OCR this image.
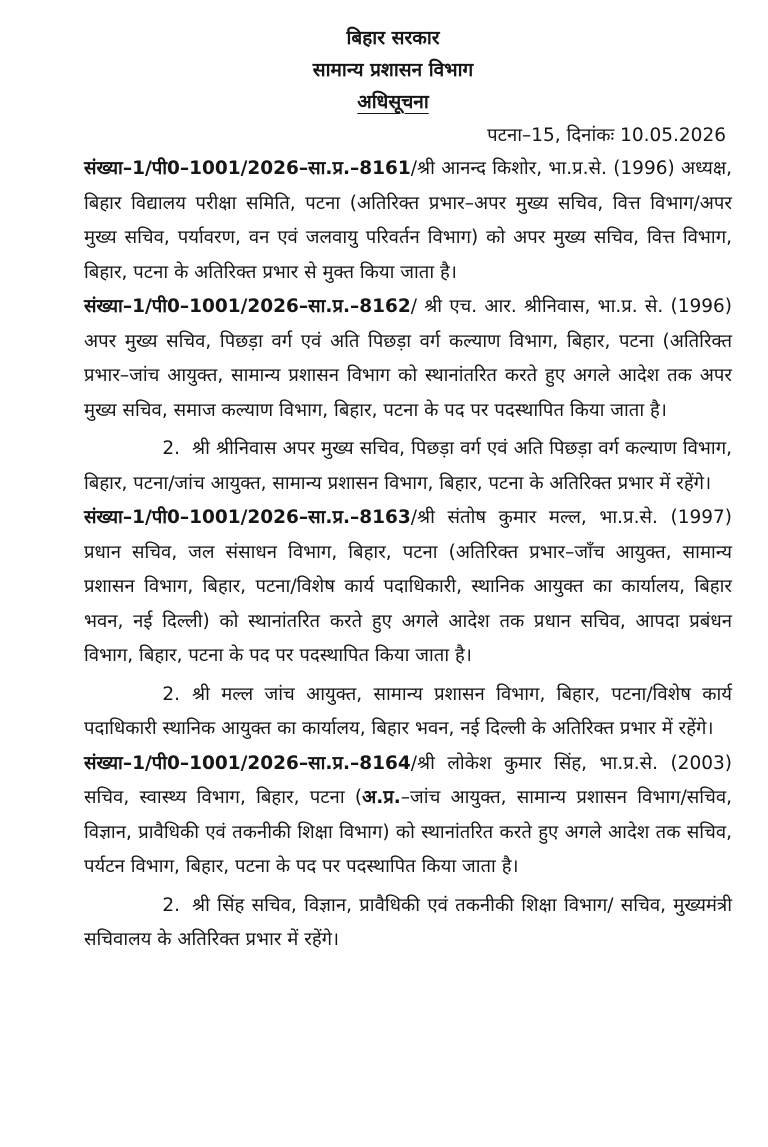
बिहार सरकार
सामान्य प्रशासन विभाग
अधिसूचना
पटना–15, दिनांकः 10.05.2026

संख्या–1/पी0–1001/2026–सा.प्र.–8161/श्री आनन्द किशोर, भा.प्र.से. (1996) अध्यक्ष, बिहार विद्यालय परीक्षा समिति, पटना (अतिरिक्त प्रभार–अपर मुख्य सचिव, वित्त विभाग/अपर मुख्य सचिव, पर्यावरण, वन एवं जलवायु परिवर्तन विभाग) को अपर मुख्य सचिव, वित्त विभाग, बिहार, पटना के अतिरिक्त प्रभार से मुक्त किया जाता है।

संख्या–1/पी0–1001/2026–सा.प्र.–8162/ श्री एच. आर. श्रीनिवास, भा.प्र. से. (1996) अपर मुख्य सचिव, पिछड़ा वर्ग एवं अति पिछड़ा वर्ग कल्याण विभाग, बिहार, पटना (अतिरिक्त प्रभार–जांच आयुक्त, सामान्य प्रशासन विभाग को स्थानांतरित करते हुए अगले आदेश तक अपर मुख्य सचिव, समाज कल्याण विभाग, बिहार, पटना के पद पर पदस्थापित किया जाता है।

2. श्री श्रीनिवास अपर मुख्य सचिव, पिछड़ा वर्ग एवं अति पिछड़ा वर्ग कल्याण विभाग, बिहार, पटना/जांच आयुक्त, सामान्य प्रशासन विभाग, बिहार, पटना के अतिरिक्त प्रभार में रहेंगे।

संख्या–1/पी0–1001/2026–सा.प्र.–8163/श्री संतोष कुमार मल्ल, भा.प्र.से. (1997) प्रधान सचिव, जल संसाधन विभाग, बिहार, पटना (अतिरिक्त प्रभार–जाँच आयुक्त, सामान्य प्रशासन विभाग, बिहार, पटना/विशेष कार्य पदाधिकारी, स्थानिक आयुक्त का कार्यालय, बिहार भवन, नई दिल्ली) को स्थानांतरित करते हुए अगले आदेश तक प्रधान सचिव, आपदा प्रबंधन विभाग, बिहार, पटना के पद पर पदस्थापित किया जाता है।

2. श्री मल्ल जांच आयुक्त, सामान्य प्रशासन विभाग, बिहार, पटना/विशेष कार्य पदाधिकारी स्थानिक आयुक्त का कार्यालय, बिहार भवन, नई दिल्ली के अतिरिक्त प्रभार में रहेंगे।

संख्या–1/पी0–1001/2026–सा.प्र.–8164/श्री लोकेश कुमार सिंह, भा.प्र.से. (2003) सचिव, स्वास्थ्य विभाग, बिहार, पटना (अ.प्र.–जांच आयुक्त, सामान्य प्रशासन विभाग/सचिव, विज्ञान, प्रावैधिकी एवं तकनीकी शिक्षा विभाग) को स्थानांतरित करते हुए अगले आदेश तक सचिव, पर्यटन विभाग, बिहार, पटना के पद पर पदस्थापित किया जाता है।

2. श्री सिंह सचिव, विज्ञान, प्रावैधिकी एवं तकनीकी शिक्षा विभाग/ सचिव, मुख्यमंत्री सचिवालय के अतिरिक्त प्रभार में रहेंगे।
